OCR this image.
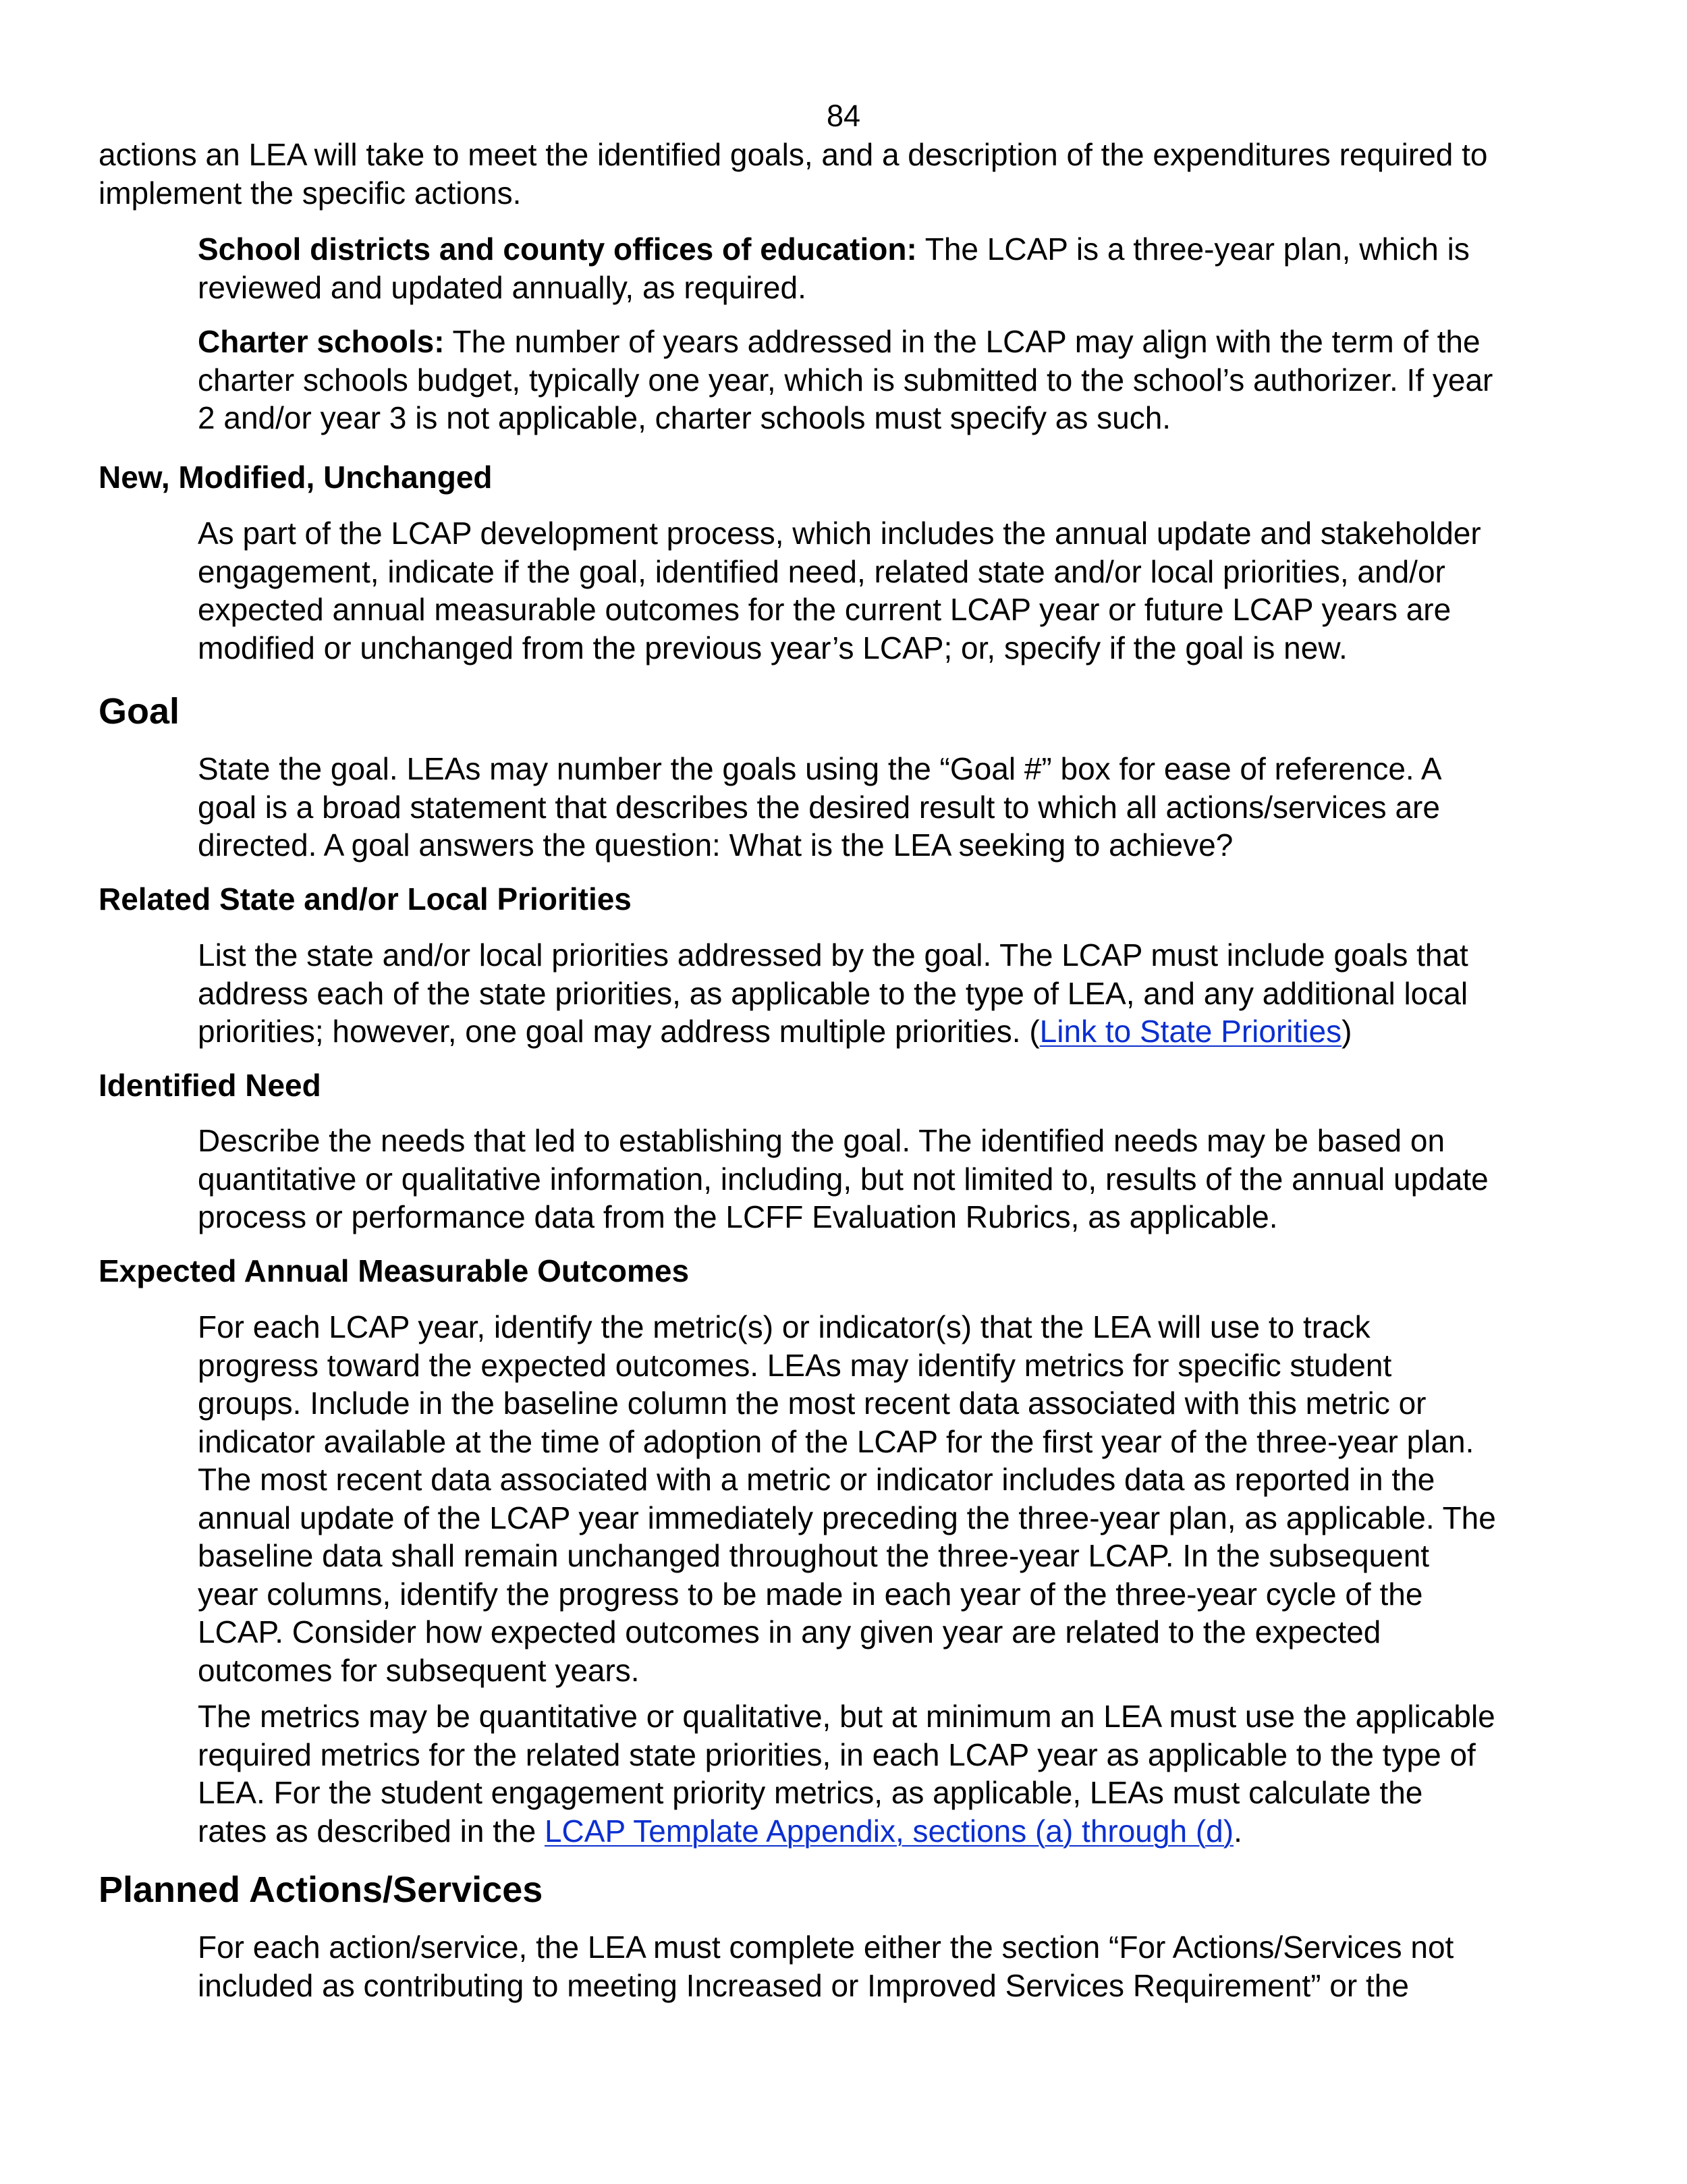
84
actions an LEA will take to meet the identified goals, and a description of the expenditures required to
implement the specific actions.
School districts and county offices of education: The LCAP is a three-year plan, which is
reviewed and updated annually, as required.
Charter schools: The number of years addressed in the LCAP may align with the term of the
charter schools budget, typically one year, which is submitted to the school’s authorizer. If year
2 and/or year 3 is not applicable, charter schools must specify as such.
New, Modified, Unchanged
As part of the LCAP development process, which includes the annual update and stakeholder
engagement, indicate if the goal, identified need, related state and/or local priorities, and/or
expected annual measurable outcomes for the current LCAP year or future LCAP years are
modified or unchanged from the previous year’s LCAP; or, specify if the goal is new.
Goal
State the goal. LEAs may number the goals using the “Goal #” box for ease of reference. A
goal is a broad statement that describes the desired result to which all actions/services are
directed. A goal answers the question: What is the LEA seeking to achieve?
Related State and/or Local Priorities
List the state and/or local priorities addressed by the goal. The LCAP must include goals that
address each of the state priorities, as applicable to the type of LEA, and any additional local
priorities; however, one goal may address multiple priorities. (Link to State Priorities)
Identified Need
Describe the needs that led to establishing the goal. The identified needs may be based on
quantitative or qualitative information, including, but not limited to, results of the annual update
process or performance data from the LCFF Evaluation Rubrics, as applicable.
Expected Annual Measurable Outcomes
For each LCAP year, identify the metric(s) or indicator(s) that the LEA will use to track
progress toward the expected outcomes. LEAs may identify metrics for specific student
groups. Include in the baseline column the most recent data associated with this metric or
indicator available at the time of adoption of the LCAP for the first year of the three-year plan.
The most recent data associated with a metric or indicator includes data as reported in the
annual update of the LCAP year immediately preceding the three-year plan, as applicable. The
baseline data shall remain unchanged throughout the three-year LCAP. In the subsequent
year columns, identify the progress to be made in each year of the three-year cycle of the
LCAP. Consider how expected outcomes in any given year are related to the expected
outcomes for subsequent years.
The metrics may be quantitative or qualitative, but at minimum an LEA must use the applicable
required metrics for the related state priorities, in each LCAP year as applicable to the type of
LEA. For the student engagement priority metrics, as applicable, LEAs must calculate the
rates as described in the LCAP Template Appendix, sections (a) through (d).
Planned Actions/Services
For each action/service, the LEA must complete either the section “For Actions/Services not
included as contributing to meeting Increased or Improved Services Requirement” or the
